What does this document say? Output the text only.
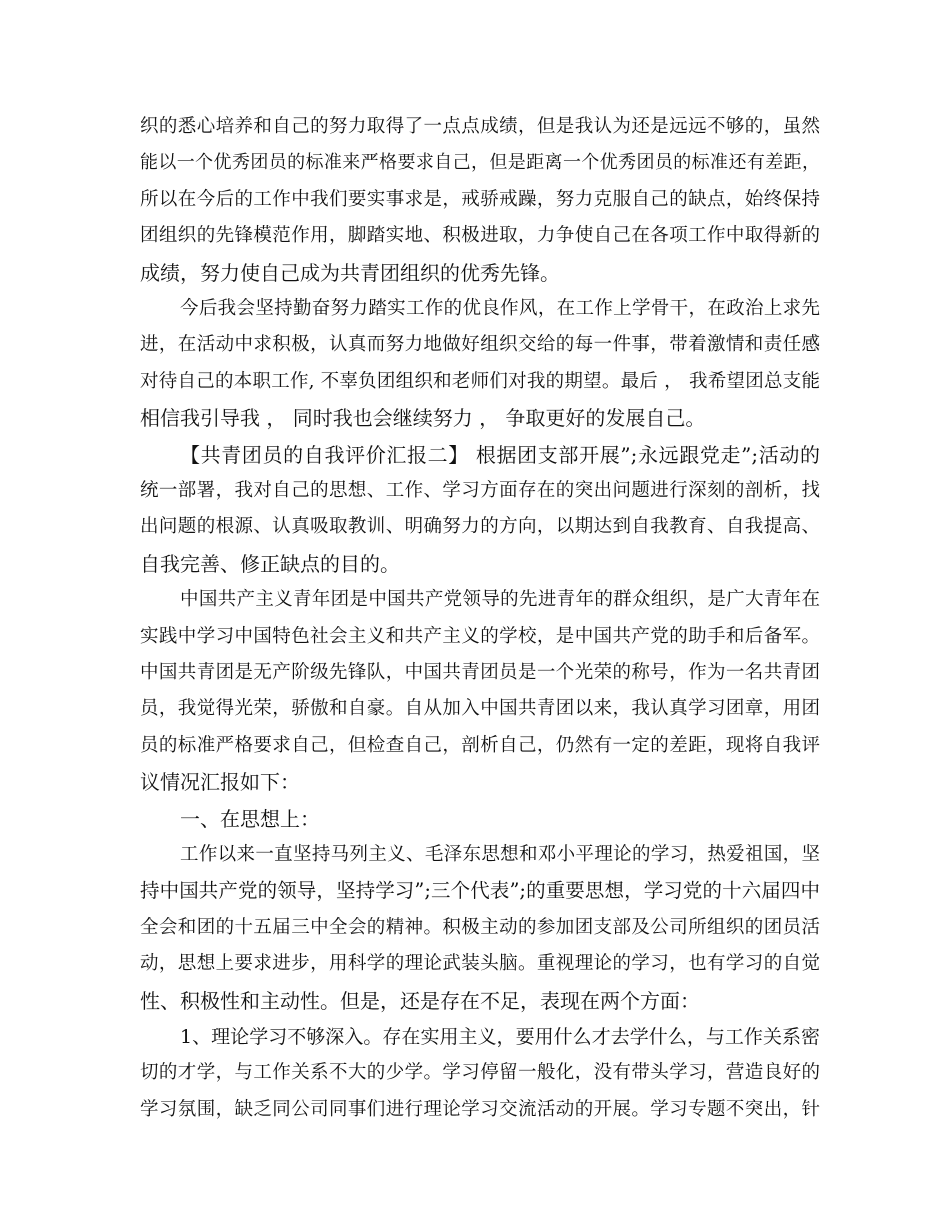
织的悉心培养和自己的努力取得了一点点成绩，但是我认为还是远远不够的，虽然
能以一个优秀团员的标准来严格要求自己，但是距离一个优秀团员的标准还有差距，
所以在今后的工作中我们要实事求是，戒骄戒躁，努力克服自己的缺点，始终保持
团组织的先锋模范作用，脚踏实地、积极进取，力争使自己在各项工作中取得新的
成绩，努力使自己成为共青团组织的优秀先锋。
今后我会坚持勤奋努力踏实工作的优良作风，在工作上学骨干，在政治上求先
进，在活动中求积极，认真而努力地做好组织交给的每一件事，带着激情和责任感
对待自己的本职工作, 不辜负团组织和老师们对我的期望。最后 ， 我希望团总支能
相信我引导我 ， 同时我也会继续努力 ， 争取更好的发展自己。
【共青团员的自我评价汇报二】 根据团支部开展”;永远跟党走”;活动的
统一部署，我对自己的思想、工作、学习方面存在的突出问题进行深刻的剖析，找
出问题的根源、认真吸取教训、明确努力的方向，以期达到自我教育、自我提高、
自我完善、修正缺点的目的。
中国共产主义青年团是中国共产党领导的先进青年的群众组织，是广大青年在
实践中学习中国特色社会主义和共产主义的学校，是中国共产党的助手和后备军。
中国共青团是无产阶级先锋队，中国共青团员是一个光荣的称号，作为一名共青团
员，我觉得光荣，骄傲和自豪。自从加入中国共青团以来，我认真学习团章，用团
员的标准严格要求自己，但检查自己，剖析自己，仍然有一定的差距，现将自我评
议情况汇报如下：
一、在思想上：
工作以来一直坚持马列主义、毛泽东思想和邓小平理论的学习，热爱祖国，坚
持中国共产党的领导，坚持学习”;三个代表”;的重要思想，学习党的十六届四中
全会和团的十五届三中全会的精神。积极主动的参加团支部及公司所组织的团员活
动，思想上要求进步，用科学的理论武装头脑。重视理论的学习，也有学习的自觉
性、积极性和主动性。但是，还是存在不足，表现在两个方面：
1、理论学习不够深入。存在实用主义，要用什么才去学什么，与工作关系密
切的才学，与工作关系不大的少学。学习停留一般化，没有带头学习，营造良好的
学习氛围，缺乏同公司同事们进行理论学习交流活动的开展。学习专题不突出，针
